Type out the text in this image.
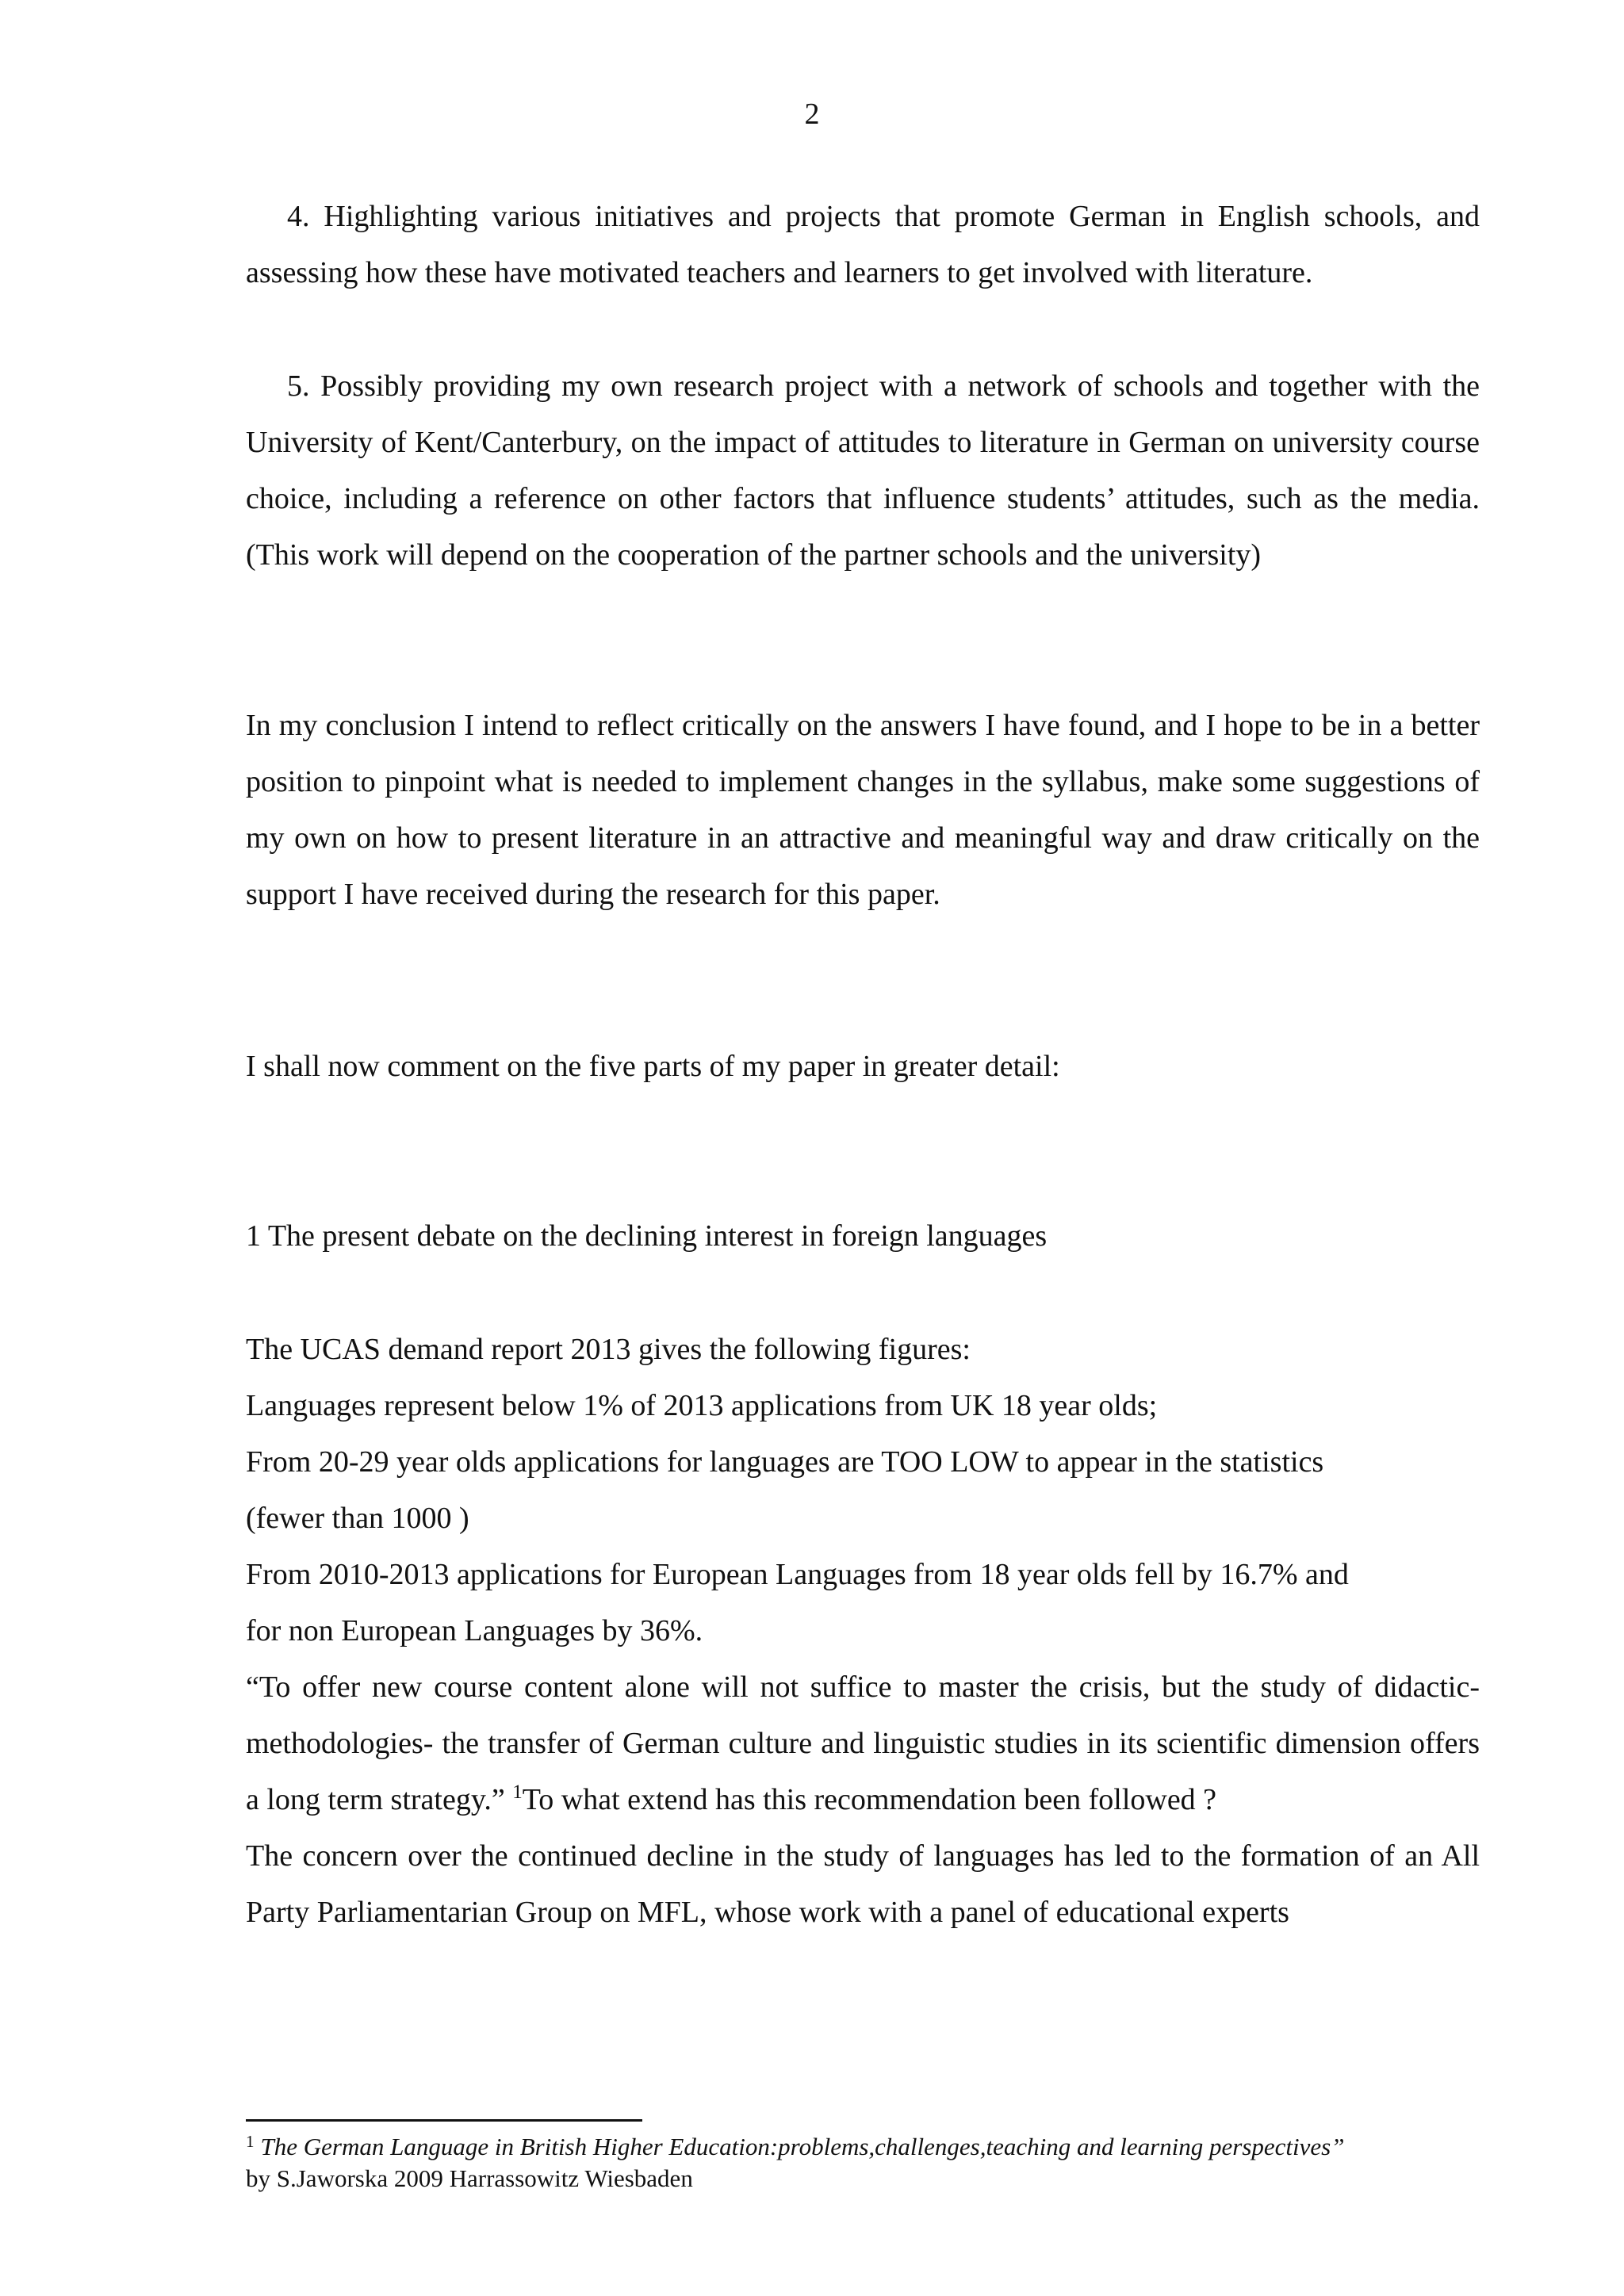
2
4. Highlighting various initiatives and projects that promote German in English schools, and assessing how these have motivated teachers and learners to get involved with literature.
5. Possibly providing my own research project with a network of schools and together with the University of Kent/Canterbury, on the impact of attitudes to literature in German on university course choice, including a reference on other factors that influence students’ attitudes, such as the media. (This work will depend on the cooperation of the partner schools and the university)
In my conclusion I intend to reflect critically on the answers I have found, and I hope to be in a better position to pinpoint what is needed to implement changes in the syllabus, make some suggestions of my own on how to present literature in an attractive and meaningful way and draw critically on the support I have received during the research for this paper.
I shall now comment on the five parts of my paper in greater detail:
1 The present debate on the declining interest in foreign languages
The UCAS demand report 2013 gives the following figures:
Languages represent below 1% of 2013 applications from UK 18 year olds;
From 20-29 year olds applications for languages are TOO LOW to appear in the statistics
(fewer than 1000 )
From 2010-2013 applications for European Languages from 18 year olds fell by 16.7% and
for non European Languages by 36%.
“To offer new course content alone will not suffice to master the crisis, but the study of didactic-methodologies- the transfer of German culture and linguistic studies in its scientific dimension offers a long term strategy.” $^1$To what extend has this recommendation been followed ?
The concern over the continued decline in the study of languages has led to the formation of an All Party Parliamentarian Group on MFL, whose work with a panel of educational experts
$^1$ The German Language in British Higher Education:problems,challenges,teaching and learning perspectives”
by S.Jaworska 2009 Harrassowitz Wiesbaden
